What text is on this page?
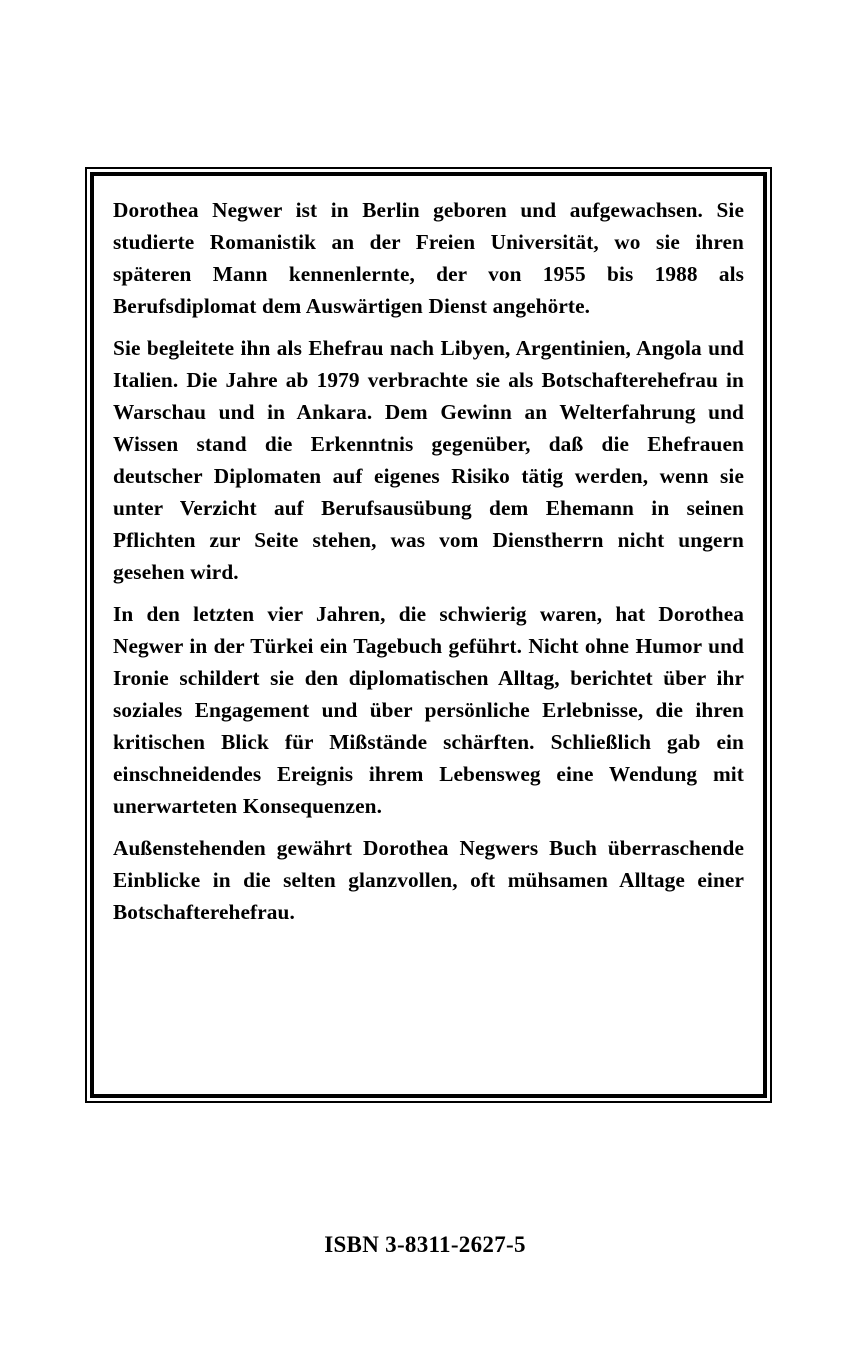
Dorothea Negwer ist in Berlin geboren und aufgewachsen. Sie studierte Romanistik an der Freien Universität, wo sie ihren späteren Mann kennenlernte, der von 1955 bis 1988 als Berufsdiplomat dem Auswärtigen Dienst angehörte.

Sie begleitete ihn als Ehefrau nach Libyen, Argentinien, Angola und Italien. Die Jahre ab 1979 verbrachte sie als Botschafterehefrau in Warschau und in Ankara. Dem Gewinn an Welterfahrung und Wissen stand die Erkenntnis gegenüber, daß die Ehefrauen deutscher Diplomaten auf eigenes Risiko tätig werden, wenn sie unter Verzicht auf Berufsausübung dem Ehemann in seinen Pflichten zur Seite stehen, was vom Dienstherrn nicht ungern gesehen wird.

In den letzten vier Jahren, die schwierig waren, hat Dorothea Negwer in der Türkei ein Tagebuch geführt. Nicht ohne Humor und Ironie schildert sie den diplomatischen Alltag, berichtet über ihr soziales Engagement und über persönliche Erlebnisse, die ihren kritischen Blick für Mißstände schärften. Schließlich gab ein einschneidendes Ereignis ihrem Lebensweg eine Wendung mit unerwarteten Konsequenzen.

Außenstehenden gewährt Dorothea Negwers Buch überraschende Einblicke in die selten glanzvollen, oft mühsamen Alltage einer Botschafterehefrau.

ISBN 3-8311-2627-5
